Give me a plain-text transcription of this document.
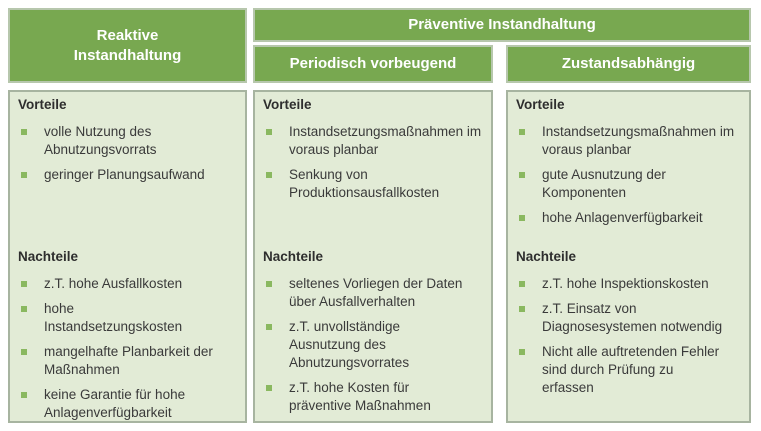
Reaktive Instandhaltung
Präventive Instandhaltung
Periodisch vorbeugend	Zustandsabhängig
Vorteile
volle Nutzung des Abnutzungsvorrats
geringer Planungsaufwand
Nachteile
z.T. hohe Ausfallkosten
hohe Instandsetzungskosten
mangelhafte Planbarkeit der Maßnahmen
keine Garantie für hohe Anlagenverfügbarkeit
Vorteile
Instandsetzungsmaßnahmen im voraus planbar
Senkung von Produktionsausfallkosten
Nachteile
seltenes Vorliegen der Daten über Ausfallverhalten
z.T. unvollständige Ausnutzung des Abnutzungsvorrates
z.T. hohe Kosten für präventive Maßnahmen
Vorteile
Instandsetzungsmaßnahmen im voraus planbar
gute Ausnutzung der Komponenten
hohe Anlagenverfügbarkeit
Nachteile
z.T. hohe Inspektionskosten
z.T. Einsatz von Diagnosesystemen notwendig
Nicht alle auftretenden Fehler sind durch Prüfung zu erfassen
